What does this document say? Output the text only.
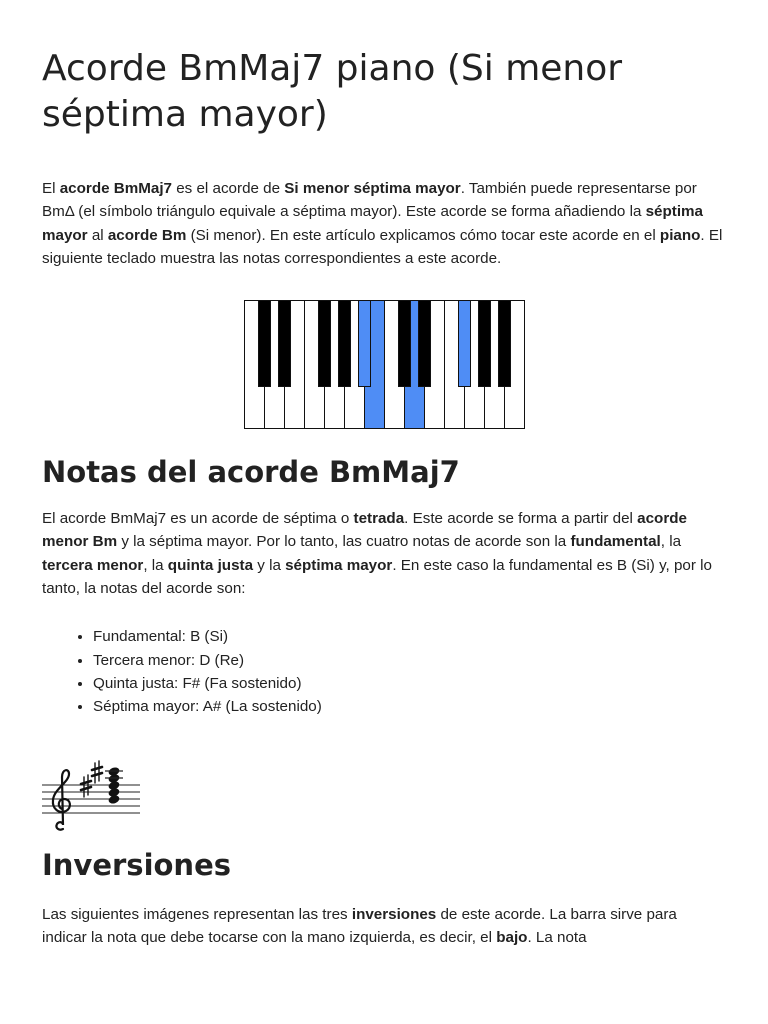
Acorde BmMaj7 piano (Si menor séptima mayor)

El acorde BmMaj7 es el acorde de Si menor séptima mayor. También puede representarse por BmΔ (el símbolo triángulo equivale a séptima mayor). Este acorde se forma añadiendo la séptima mayor al acorde Bm (Si menor). En este artículo explicamos cómo tocar este acorde en el piano. El siguiente teclado muestra las notas correspondientes a este acorde.

Notas del acorde BmMaj7

El acorde BmMaj7 es un acorde de séptima o tetrada. Este acorde se forma a partir del acorde menor Bm y la séptima mayor. Por lo tanto, las cuatro notas de acorde son la fundamental, la tercera menor, la quinta justa y la séptima mayor. En este caso la fundamental es B (Si) y, por lo tanto, la notas del acorde son:

• Fundamental: B (Si)
• Tercera menor: D (Re)
• Quinta justa: F# (Fa sostenido)
• Séptima mayor: A# (La sostenido)
Inversiones

Las siguientes imágenes representan las tres inversiones de este acorde. La barra sirve para indicar la nota que debe tocarse con la mano izquierda, es decir, el bajo. La nota
